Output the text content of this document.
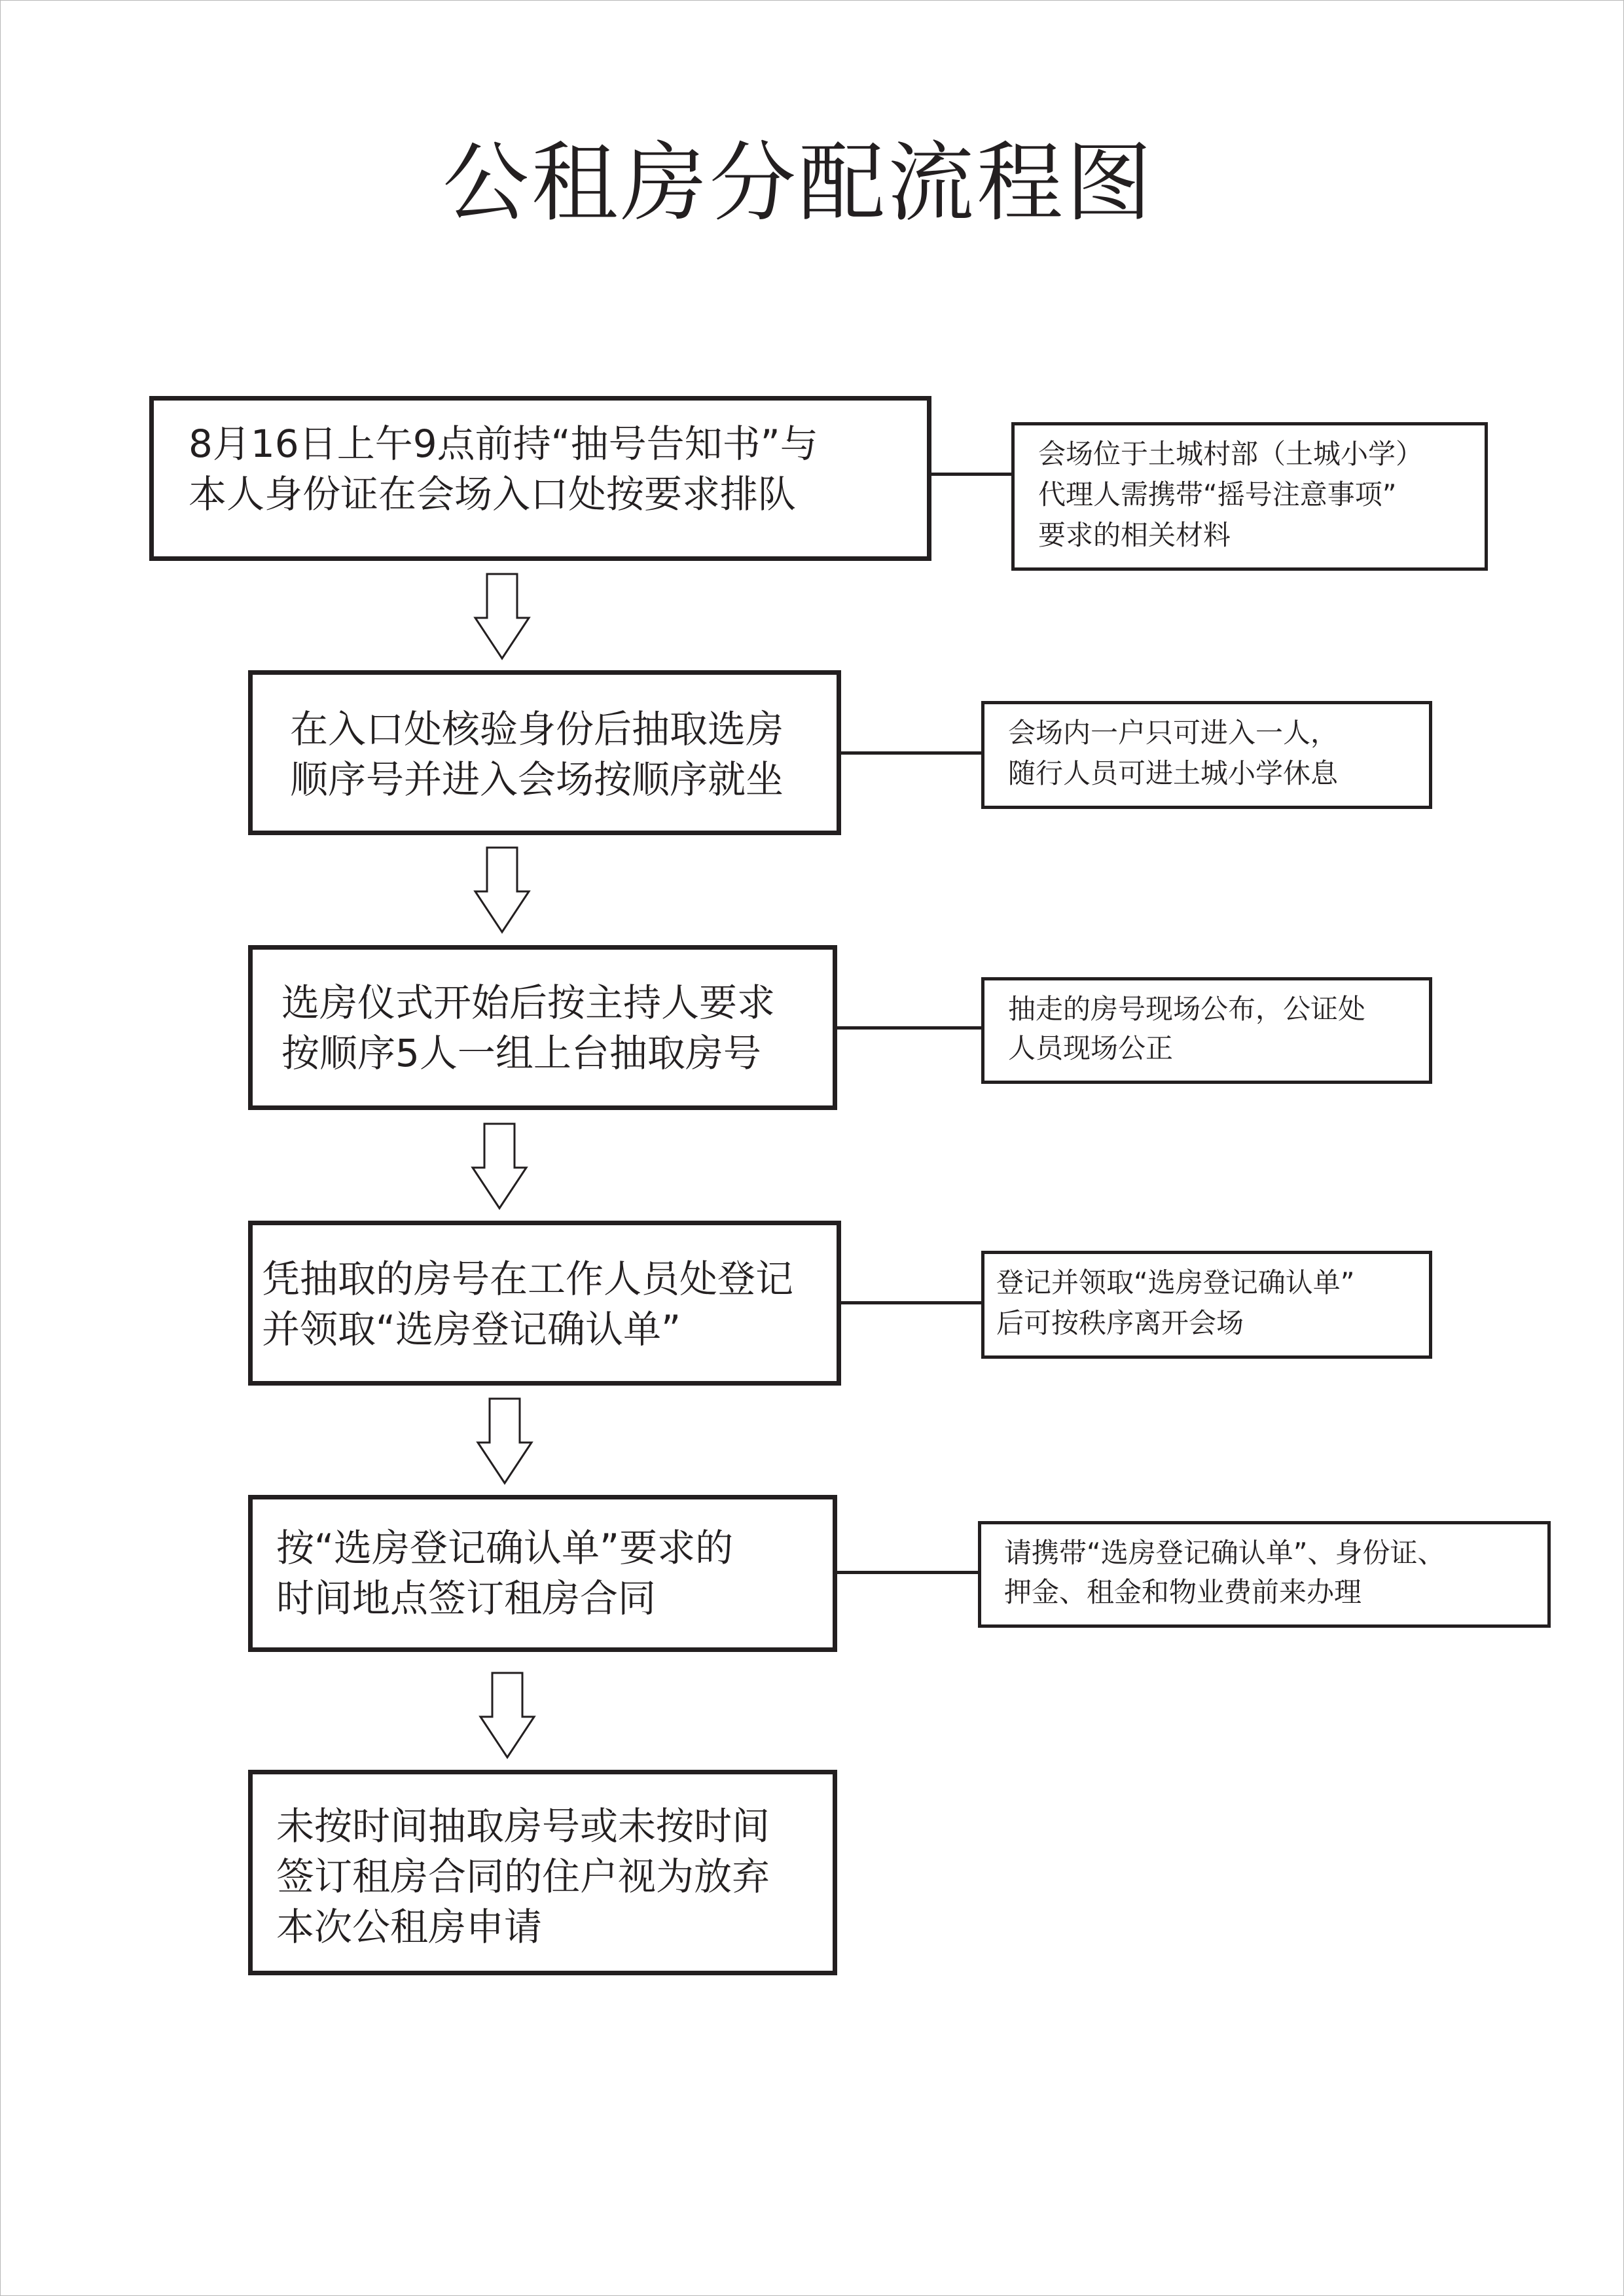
公租房分配流程图
8月16日上午9点前持“抽号告知书”与
本人身份证在会场入口处按要求排队
会场位于土城村部（土城小学）
代理人需携带“摇号注意事项”
要求的相关材料
在入口处核验身份后抽取选房
顺序号并进入会场按顺序就坐
会场内一户只可进入一人，
随行人员可进土城小学休息
选房仪式开始后按主持人要求
按顺序5人一组上台抽取房号
抽走的房号现场公布，公证处
人员现场公正
凭抽取的房号在工作人员处登记
并领取“选房登记确认单”
登记并领取“选房登记确认单”
后可按秩序离开会场
按“选房登记确认单”要求的
时间地点签订租房合同
请携带“选房登记确认单”、身份证、
押金、租金和物业费前来办理
未按时间抽取房号或未按时间
签订租房合同的住户视为放弃
本次公租房申请
